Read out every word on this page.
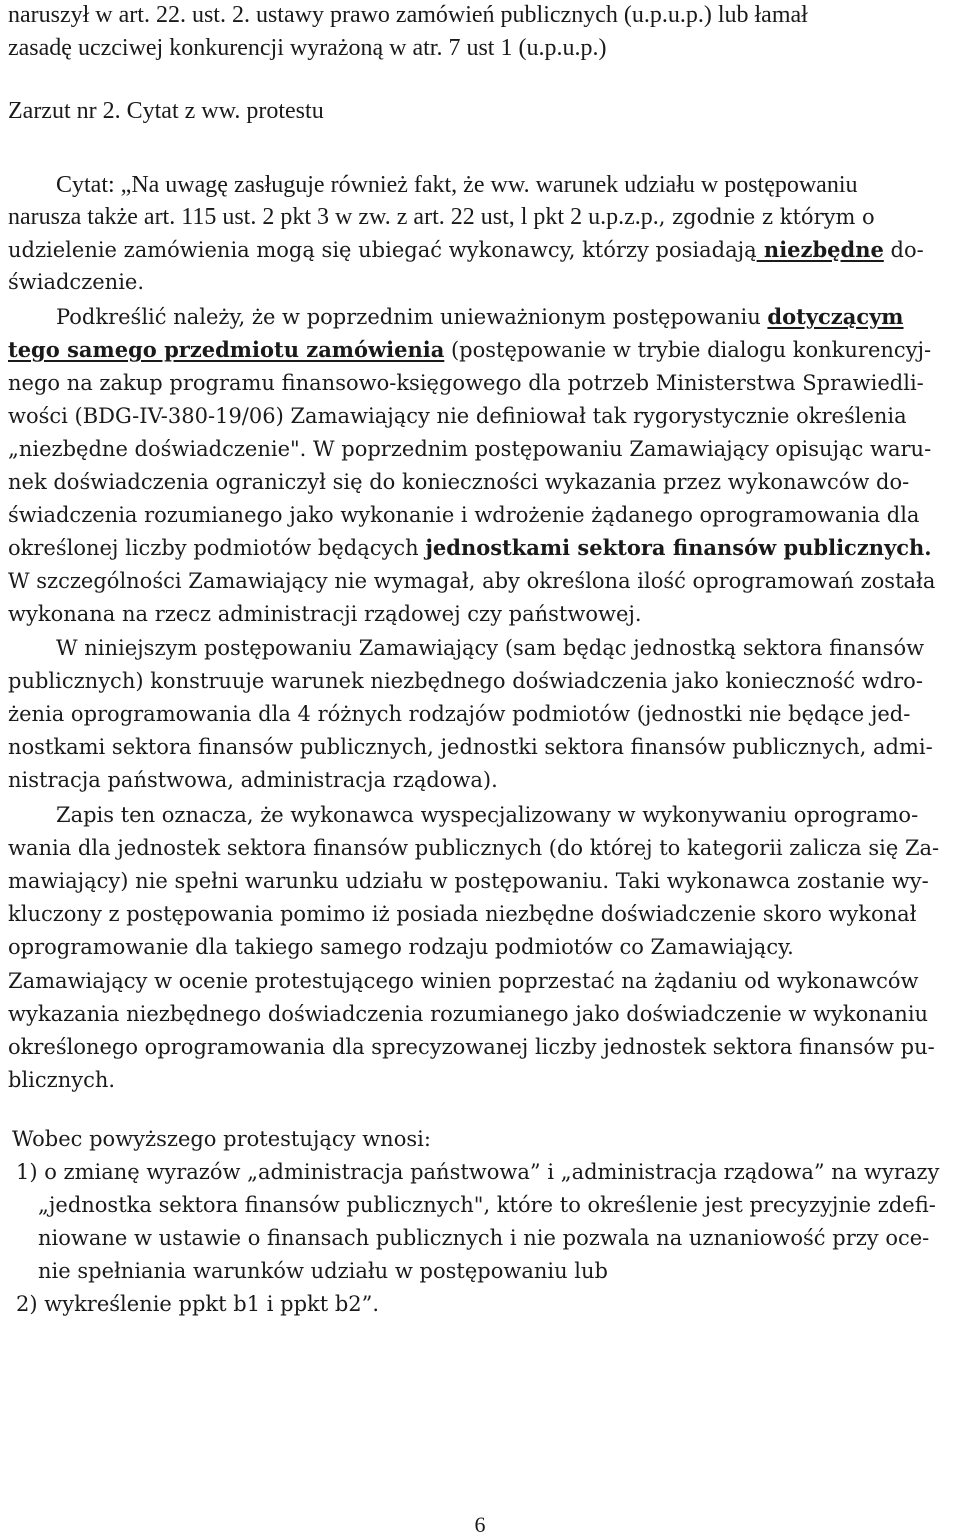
naruszył w art. 22. ust. 2. ustawy prawo zamówień publicznych (u.p.u.p.) lub łamał
zasadę uczciwej konkurencji wyrażoną w atr. 7 ust 1 (u.p.u.p.)
Zarzut nr 2. Cytat z ww. protestu
Cytat: „Na uwagę zasługuje również fakt, że ww. warunek udziału w postępowaniu
narusza także art. 115 ust. 2 pkt 3 w zw. z art. 22 ust, l pkt 2 u.p.z.p., zgodnie z którym o
udzielenie zamówienia mogą się ubiegać wykonawcy, którzy posiadają niezbędne do-
świadczenie.
Podkreślić należy, że w poprzednim unieważnionym postępowaniu dotyczącym
tego samego przedmiotu zamówienia (postępowanie w trybie dialogu konkurencyj-
nego na zakup programu finansowo-księgowego dla potrzeb Ministerstwa Sprawiedli-
wości (BDG-IV-380-19/06) Zamawiający nie definiował tak rygorystycznie określenia
„niezbędne doświadczenie". W poprzednim postępowaniu Zamawiający opisując waru-
nek doświadczenia ograniczył się do konieczności wykazania przez wykonawców do-
świadczenia rozumianego jako wykonanie i wdrożenie żądanego oprogramowania dla
określonej liczby podmiotów będących jednostkami sektora finansów publicznych.
W szczególności Zamawiający nie wymagał, aby określona ilość oprogramowań została
wykonana na rzecz administracji rządowej czy państwowej.
W niniejszym postępowaniu Zamawiający (sam będąc jednostką sektora finansów
publicznych) konstruuje warunek niezbędnego doświadczenia jako konieczność wdro-
żenia oprogramowania dla 4 różnych rodzajów podmiotów (jednostki nie będące jed-
nostkami sektora finansów publicznych, jednostki sektora finansów publicznych, admi-
nistracja państwowa, administracja rządowa).
Zapis ten oznacza, że wykonawca wyspecjalizowany w wykonywaniu oprogramo-
wania dla jednostek sektora finansów publicznych (do której to kategorii zalicza się Za-
mawiający) nie spełni warunku udziału w postępowaniu. Taki wykonawca zostanie wy-
kluczony z postępowania pomimo iż posiada niezbędne doświadczenie skoro wykonał
oprogramowanie dla takiego samego rodzaju podmiotów co Zamawiający.
Zamawiający w ocenie protestującego winien poprzestać na żądaniu od wykonawców
wykazania niezbędnego doświadczenia rozumianego jako doświadczenie w wykonaniu
określonego oprogramowania dla sprecyzowanej liczby jednostek sektora finansów pu-
blicznych.
Wobec powyższego protestujący wnosi:
1) o zmianę wyrazów „administracja państwowa” i „administracja rządowa” na wyrazy
„jednostka sektora finansów publicznych", które to określenie jest precyzyjnie zdefi-
niowane w ustawie o finansach publicznych i nie pozwala na uznaniowość przy oce-
nie spełniania warunków udziału w postępowaniu lub
2) wykreślenie ppkt b1 i ppkt b2”.
6
